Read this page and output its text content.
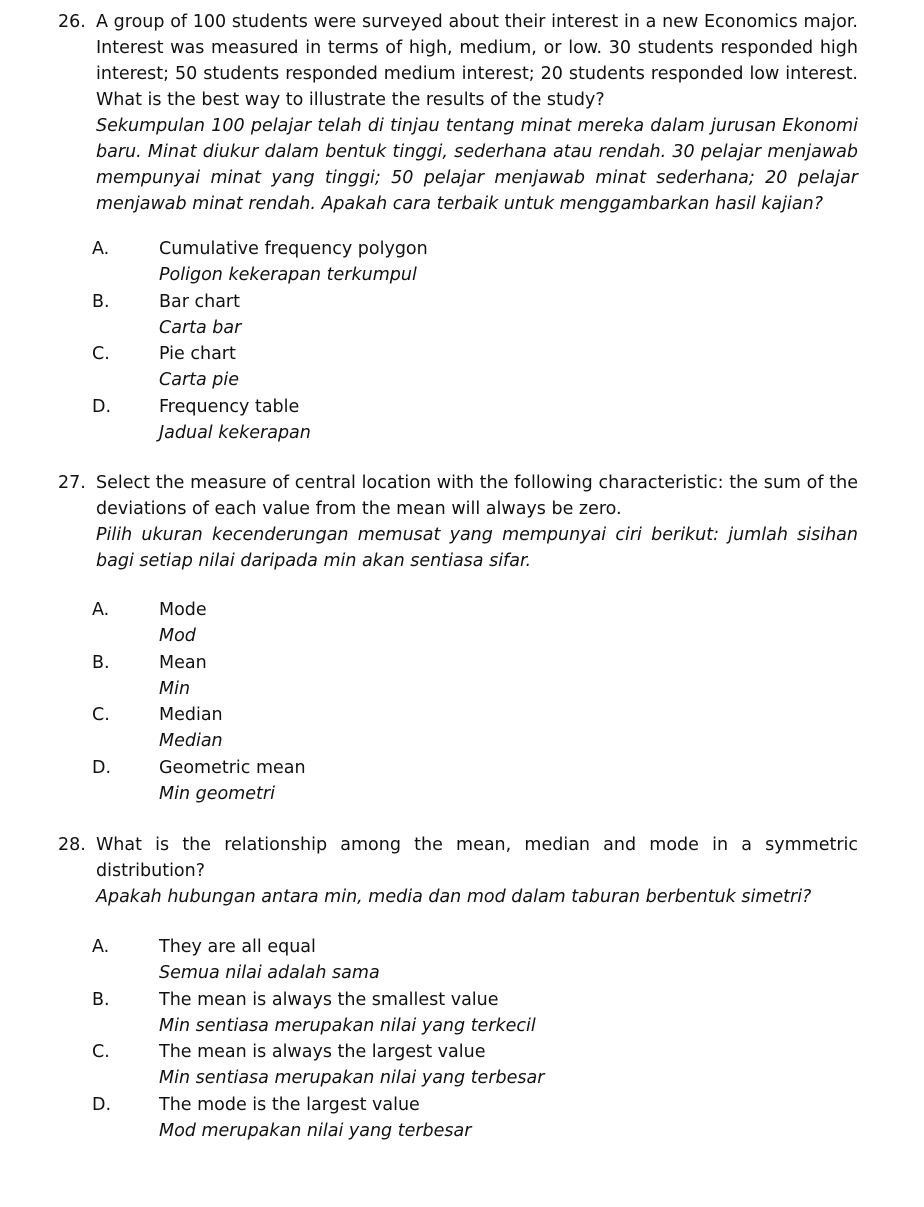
26. A group of 100 students were surveyed about their interest in a new Economics major. Interest was measured in terms of high, medium, or low. 30 students responded high interest; 50 students responded medium interest; 20 students responded low interest. What is the best way to illustrate the results of the study?
Sekumpulan 100 pelajar telah di tinjau tentang minat mereka dalam jurusan Ekonomi baru. Minat diukur dalam bentuk tinggi, sederhana atau rendah. 30 pelajar menjawab mempunyai minat yang tinggi; 50 pelajar menjawab minat sederhana; 20 pelajar menjawab minat rendah. Apakah cara terbaik untuk menggambarkan hasil kajian?
A.	Cumulative frequency polygon
Poligon kekerapan terkumpul
B.	Bar chart
Carta bar
C.	Pie chart
Carta pie
D.	Frequency table
Jadual kekerapan
27. Select the measure of central location with the following characteristic: the sum of the deviations of each value from the mean will always be zero.
Pilih ukuran kecenderungan memusat yang mempunyai ciri berikut: jumlah sisihan bagi setiap nilai daripada min akan sentiasa sifar.
A.	Mode
Mod
B.	Mean
Min
C.	Median
Median
D.	Geometric mean
Min geometri
28. What is the relationship among the mean, median and mode in a symmetric distribution?
Apakah hubungan antara min, media dan mod dalam taburan berbentuk simetri?
A.	They are all equal
Semua nilai adalah sama
B.	The mean is always the smallest value
Min sentiasa merupakan nilai yang terkecil
C.	The mean is always the largest value
Min sentiasa merupakan nilai yang terbesar
D.	The mode is the largest value
Mod merupakan nilai yang terbesar
